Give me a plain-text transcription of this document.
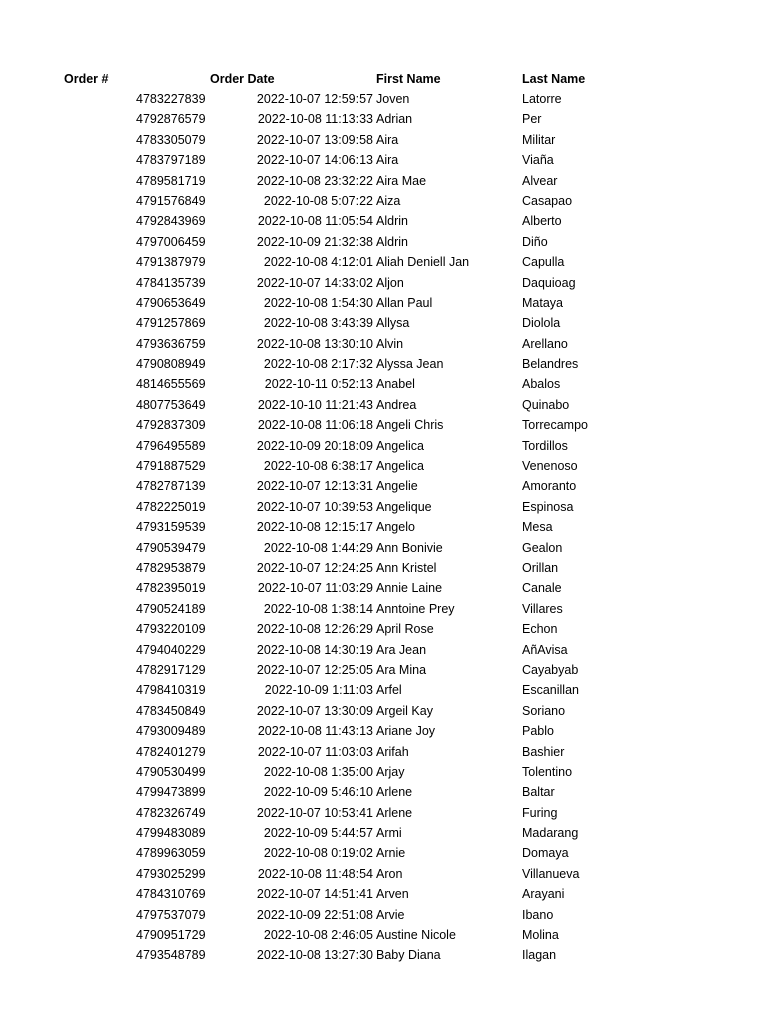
Order #	Order Date	First Name	Last Name
4783227839	2022-10-07 12:59:57 Joven	Latorre
4792876579	2022-10-08 11:13:33 Adrian	Per
4783305079	2022-10-07 13:09:58 Aira	Militar
4783797189	2022-10-07 14:06:13 Aira	Viaña
4789581719	2022-10-08 23:32:22 Aira Mae	Alvear
4791576849	2022-10-08 5:07:22 Aiza	Casapao
4792843969	2022-10-08 11:05:54 Aldrin	Alberto
4797006459	2022-10-09 21:32:38 Aldrin	Diño
4791387979	2022-10-08 4:12:01 Aliah Deniell Jan	Capulla
4784135739	2022-10-07 14:33:02 Aljon	Daquioag
4790653649	2022-10-08 1:54:30 Allan Paul	Mataya
4791257869	2022-10-08 3:43:39 Allysa	Diolola
4793636759	2022-10-08 13:30:10 Alvin	Arellano
4790808949	2022-10-08 2:17:32 Alyssa Jean	Belandres
4814655569	2022-10-11 0:52:13 Anabel	Abalos
4807753649	2022-10-10 11:21:43 Andrea	Quinabo
4792837309	2022-10-08 11:06:18 Angeli Chris	Torrecampo
4796495589	2022-10-09 20:18:09 Angelica	Tordillos
4791887529	2022-10-08 6:38:17 Angelica	Venenoso
4782787139	2022-10-07 12:13:31 Angelie	Amoranto
4782225019	2022-10-07 10:39:53 Angelique	Espinosa
4793159539	2022-10-08 12:15:17 Angelo	Mesa
4790539479	2022-10-08 1:44:29 Ann Bonivie	Gealon
4782953879	2022-10-07 12:24:25 Ann Kristel	Orillan
4782395019	2022-10-07 11:03:29 Annie Laine	Canale
4790524189	2022-10-08 1:38:14 Anntoine Prey	Villares
4793220109	2022-10-08 12:26:29 April Rose	Echon
4794040229	2022-10-08 14:30:19 Ara Jean	AñAvisa
4782917129	2022-10-07 12:25:05 Ara Mina	Cayabyab
4798410319	2022-10-09 1:11:03 Arfel	Escanillan
4783450849	2022-10-07 13:30:09 Argeil Kay	Soriano
4793009489	2022-10-08 11:43:13 Ariane Joy	Pablo
4782401279	2022-10-07 11:03:03 Arifah	Bashier
4790530499	2022-10-08 1:35:00 Arjay	Tolentino
4799473899	2022-10-09 5:46:10 Arlene	Baltar
4782326749	2022-10-07 10:53:41 Arlene	Furing
4799483089	2022-10-09 5:44:57 Armi	Madarang
4789963059	2022-10-08 0:19:02 Arnie	Domaya
4793025299	2022-10-08 11:48:54 Aron	Villanueva
4784310769	2022-10-07 14:51:41 Arven	Arayani
4797537079	2022-10-09 22:51:08 Arvie	Ibano
4790951729	2022-10-08 2:46:05 Austine Nicole	Molina
4793548789	2022-10-08 13:27:30 Baby Diana	Ilagan
